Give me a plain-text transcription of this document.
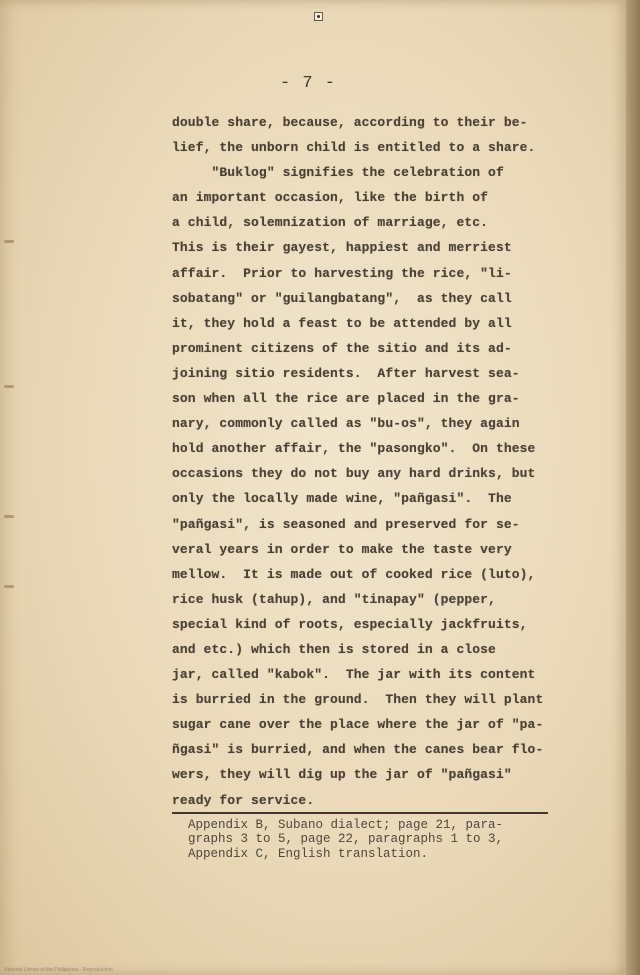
- 7 -
double share, because, according to their be-
lief, the unborn child is entitled to a share.
"Buklog" signifies the celebration of
an important occasion, like the birth of
a child, solemnization of marriage, etc.
This is their gayest, happiest and merriest
affair.  Prior to harvesting the rice, "li-
sobatang" or "guilangbatang",  as they call
it, they hold a feast to be attended by all
prominent citizens of the sitio and its ad-
joining sitio residents.  After harvest sea-
son when all the rice are placed in the gra-
nary, commonly called as "bu-os", they again
hold another affair, the "pasongko".  On these
occasions they do not buy any hard drinks, but
only the locally made wine, "pañgasi".  The
"pañgasi", is seasoned and preserved for se-
veral years in order to make the taste very
mellow.  It is made out of cooked rice (luto),
rice husk (tahup), and "tinapay" (pepper,
special kind of roots, especially jackfruits,
and etc.) which then is stored in a close
jar, called "kabok".  The jar with its content
is burried in the ground.  Then they will plant
sugar cane over the place where the jar of "pa-
ñgasi" is burried, and when the canes bear flo-
wers, they will dig up the jar of "pañgasi"
ready for service.
Appendix B, Subano dialect; page 21, para-
graphs 3 to 5, page 22, paragraphs 1 to 3,
Appendix C, English translation.
National Library of the Philippines · Reproduction
